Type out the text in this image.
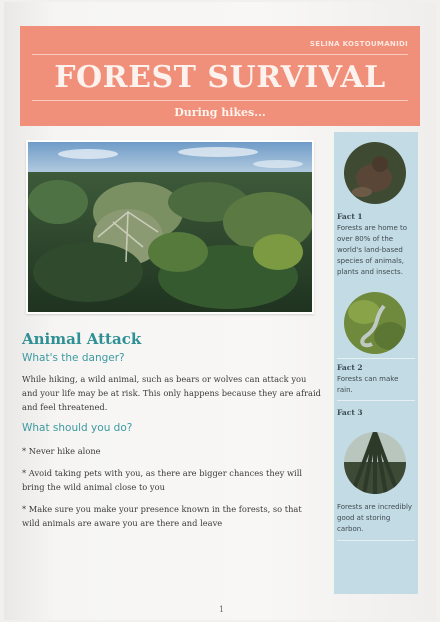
SELINA KOSTOUMANIDI
FOREST SURVIVAL
During hikes...
Fact 1
Forests are home to over 80% of the world's land-based species of animals, plants and insects.
Fact 2
Forests can make rain.
Fact 3
Forests are incredibly good at storing carbon.
Animal Attack
What's the danger?
While hiking, a wild animal, such as bears or wolves can attack you and your life may be at risk. This only happens because they are afraid and feel threatened.
What should you do?
* Never hike alone
* Avoid taking pets with you, as there are bigger chances they will bring the wild animal close to you
* Make sure you make your presence known in the forests, so that wild animals are aware you are there and leave
1
